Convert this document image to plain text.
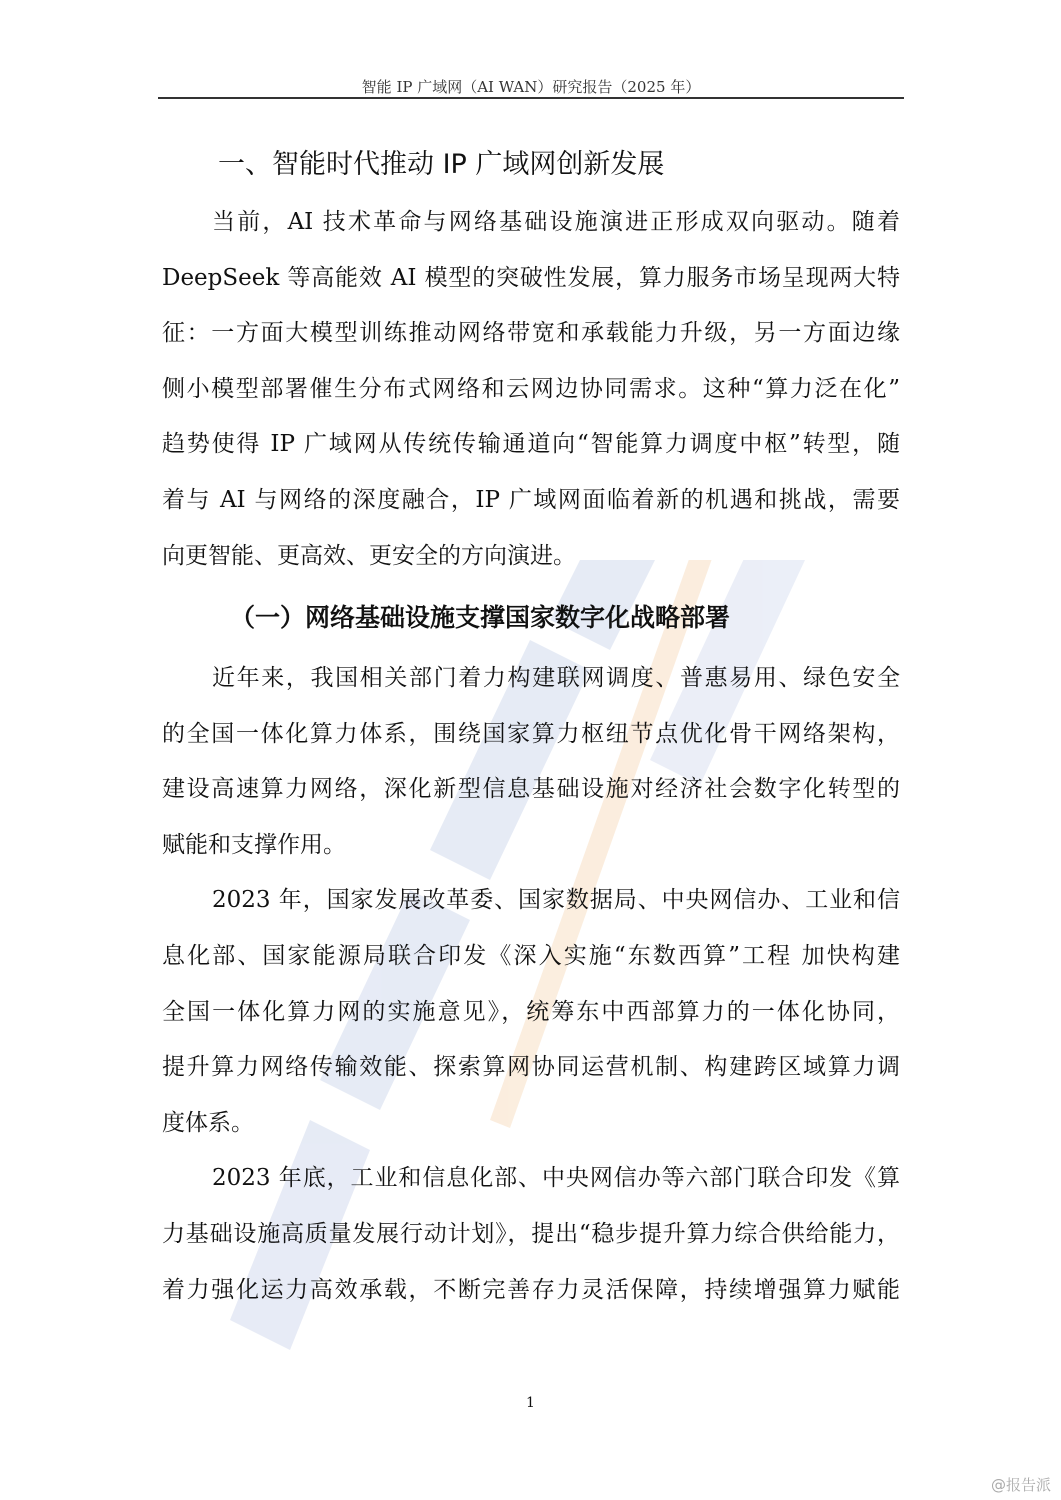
智能 IP 广域网（AI WAN）研究报告（2025 年）
一、智能时代推动 IP 广域网创新发展
当前，AI 技术革命与网络基础设施演进正形成双向驱动。随着
DeepSeek 等高能效 AI 模型的突破性发展，算力服务市场呈现两大特
征：一方面大模型训练推动网络带宽和承载能力升级，另一方面边缘
侧小模型部署催生分布式网络和云网边协同需求。这种“算力泛在化”
趋势使得 IP 广域网从传统传输通道向“智能算力调度中枢”转型，随
着与 AI 与网络的深度融合，IP 广域网面临着新的机遇和挑战，需要
向更智能、更高效、更安全的方向演进。
（一）网络基础设施支撑国家数字化战略部署
近年来，我国相关部门着力构建联网调度、普惠易用、绿色安全
的全国一体化算力体系，围绕国家算力枢纽节点优化骨干网络架构，
建设高速算力网络，深化新型信息基础设施对经济社会数字化转型的
赋能和支撑作用。
2023 年，国家发展改革委、国家数据局、中央网信办、工业和信
息化部、国家能源局联合印发《深入实施“东数西算”工程 加快构建
全国一体化算力网的实施意见》，统筹东中西部算力的一体化协同，
提升算力网络传输效能、探索算网协同运营机制、构建跨区域算力调
度体系。
2023 年底，工业和信息化部、中央网信办等六部门联合印发《算
力基础设施高质量发展行动计划》，提出“稳步提升算力综合供给能力，
着力强化运力高效承载，不断完善存力灵活保障，持续增强算力赋能
1
@报告派
